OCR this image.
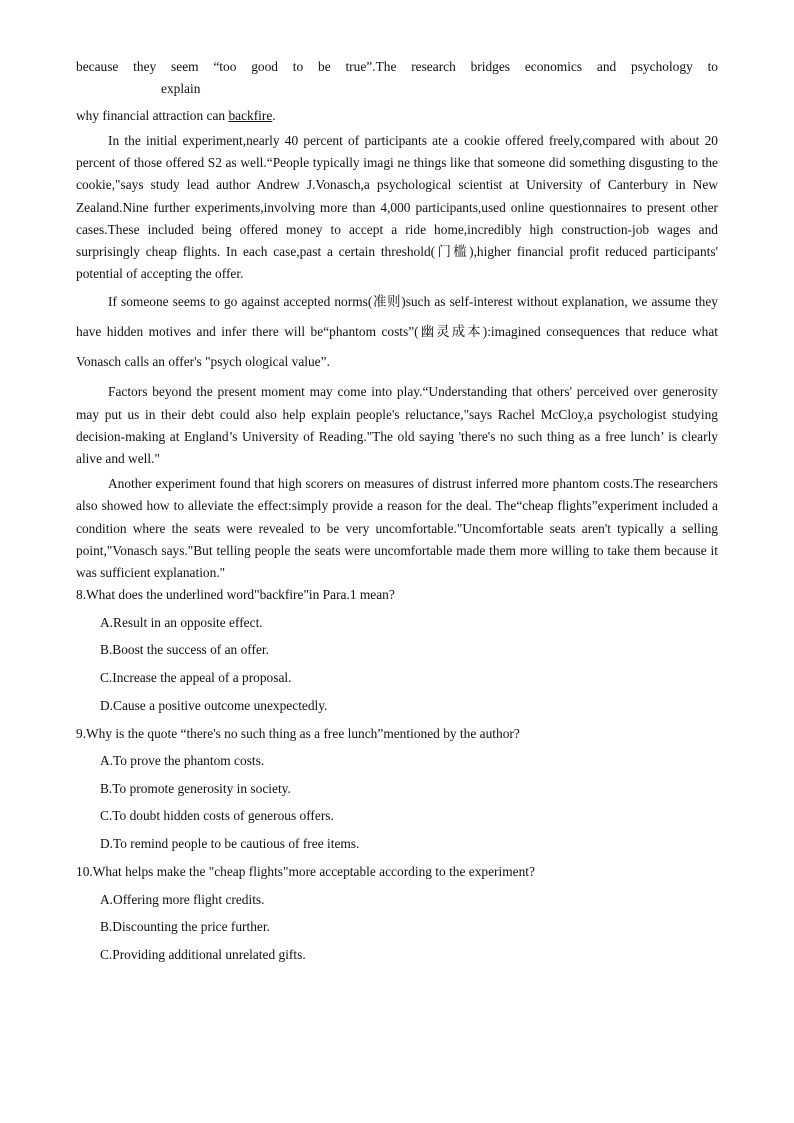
because they seem “too good to be true”.The research bridges economics and psychology to
explain
why financial attraction can backfire.

In the initial experiment,nearly 40 percent of participants ate a cookie offered freely,compared with about 20 percent of those offered S2 as well.“People typically imagi ne things like that someone did something disgusting to the cookie,"says study lead author Andrew J.Vonasch,a psychological scientist at University of Canterbury in New Zealand.Nine further experiments,involving more than 4,000 participants,used online questionnaires to present other cases.These included being offered money to accept a ride home,incredibly high construction-job wages and surprisingly cheap flights. In each case,past a certain threshold(门槛),higher financial profit reduced participants' potential of accepting the offer.

If someone seems to go against accepted norms(准则)such as self-interest without explanation, we assume they have hidden motives and infer there will be“phantom costs”(幽灵成本):imagined consequences that reduce what Vonasch calls an offer's "psych ological value”.

Factors beyond the present moment may come into play.“Understanding that others' perceived over generosity may put us in their debt could also help explain people's reluctance,"says Rachel McCloy,a psychologist studying decision-making at England’s University of Reading."The old saying 'there's no such thing as a free lunch’ is clearly alive and well."

Another experiment found that high scorers on measures of distrust inferred more phantom costs.The researchers also showed how to alleviate the effect:simply provide a reason for the deal. The“cheap flights”experiment included a condition where the seats were revealed to be very uncomfortable."Uncomfortable seats aren't typically a selling point,"Vonasch says."But telling people the seats were uncomfortable made them more willing to take them because it was sufficient explanation."

8.What does the underlined word"backfire"in Para.1 mean?
A.Result in an opposite effect.
B.Boost the success of an offer.
C.Increase the appeal of a proposal.
D.Cause a positive outcome unexpectedly.
9.Why is the quote “there's no such thing as a free lunch”mentioned by the author?
A.To prove the phantom costs.
B.To promote generosity in society.
C.To doubt hidden costs of generous offers.
D.To remind people to be cautious of free items.
10.What helps make the "cheap flights"more acceptable according to the experiment?
A.Offering more flight credits.
B.Discounting the price further.
C.Providing additional unrelated gifts.
